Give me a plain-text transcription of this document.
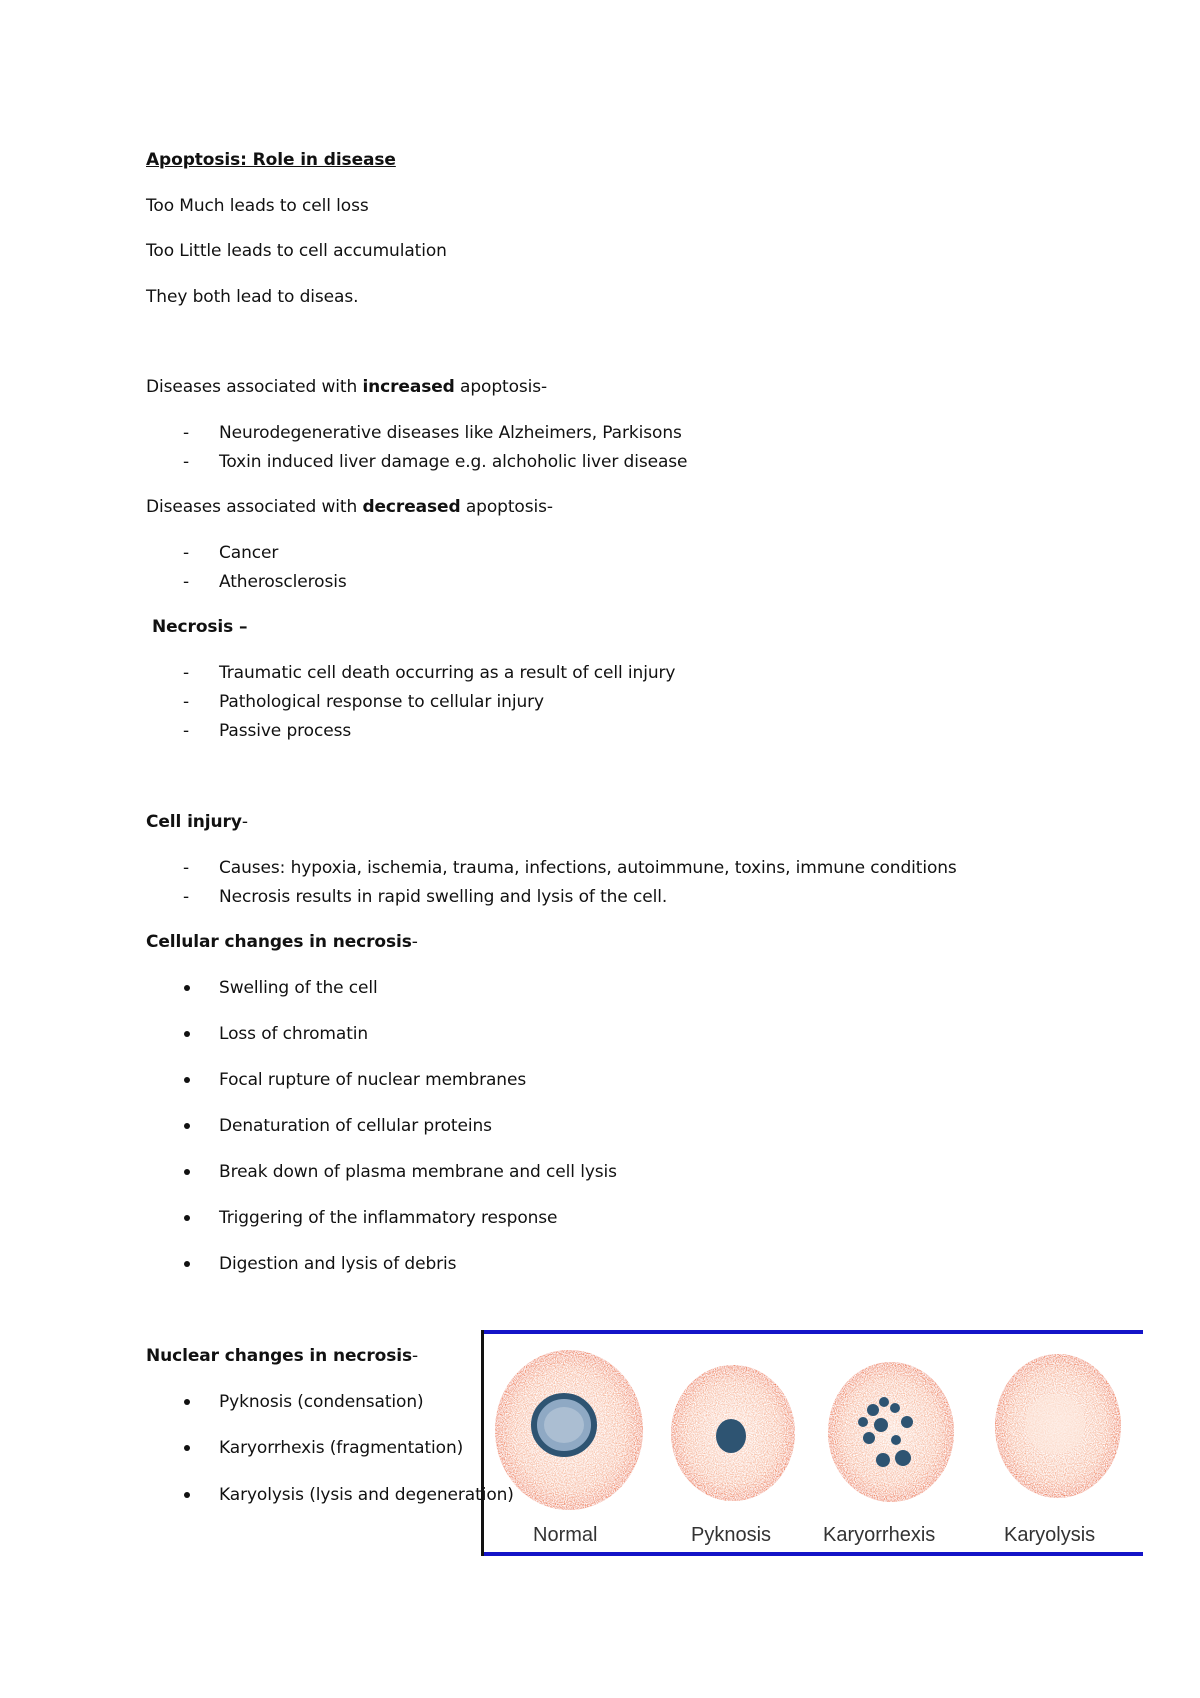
Apoptosis: Role in disease
Too Much leads to cell loss
Too Little leads to cell accumulation
They both lead to diseas.
Diseases associated with increased apoptosis-
-	Neurodegenerative diseases like Alzheimers, Parkisons
-	Toxin induced liver damage e.g. alchoholic liver disease
Diseases associated with decreased apoptosis-
-	Cancer
-	Atherosclerosis
Necrosis –
-	Traumatic cell death occurring as a result of cell injury
-	Pathological response to cellular injury
-	Passive process
Cell injury-
-	Causes: hypoxia, ischemia, trauma, infections, autoimmune, toxins, immune conditions
-	Necrosis results in rapid swelling and lysis of the cell.
Cellular changes in necrosis-
Swelling of the cell
Loss of chromatin
Focal rupture of nuclear membranes
Denaturation of cellular proteins
Break down of plasma membrane and cell lysis
Triggering of the inflammatory response
Digestion and lysis of debris
Nuclear changes in necrosis-
Normal	Pyknosis	Karyorrhexis	Karyolysis
Pyknosis (condensation)
Karyorrhexis (fragmentation)
Karyolysis (lysis and degeneration)
